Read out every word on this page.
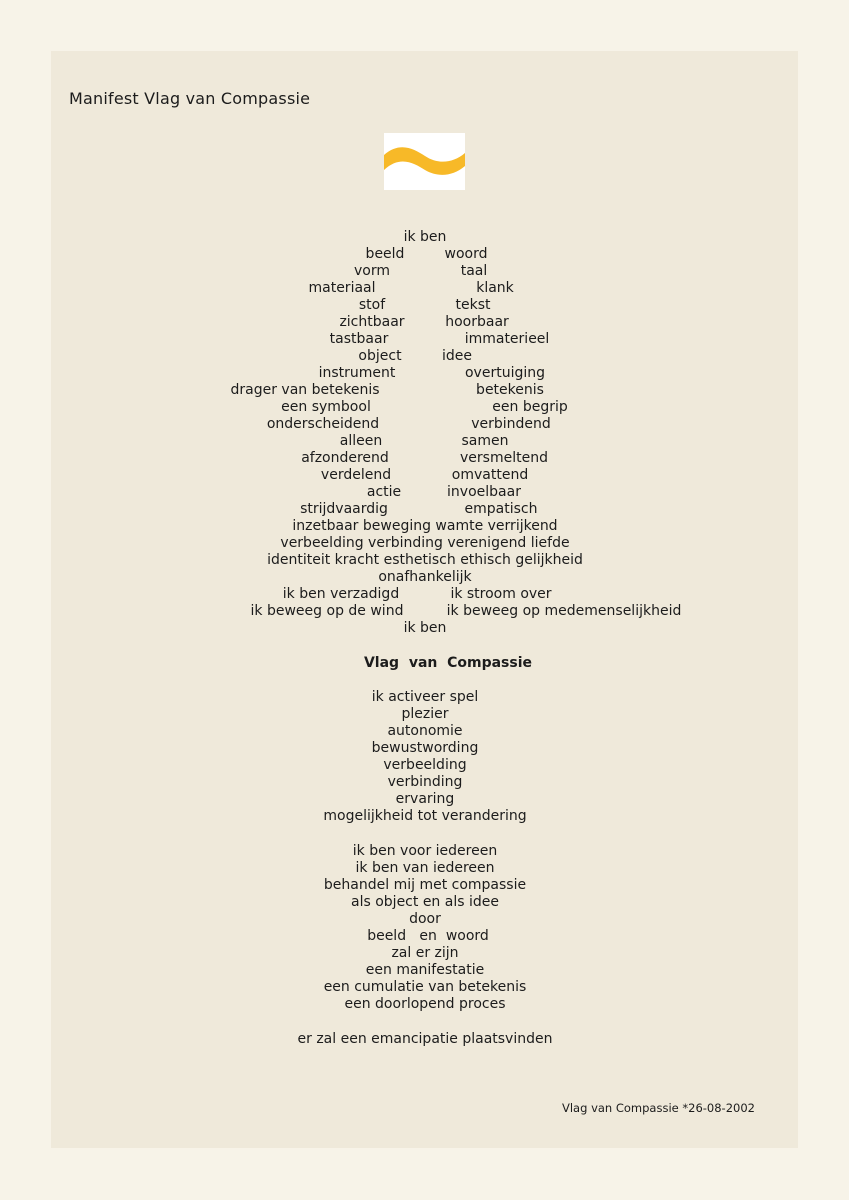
Manifest Vlag van Compassie
ik ben
beeld	woord
vorm	taal
materiaal	klank
stof	tekst
zichtbaar	hoorbaar
tastbaar	immaterieel
object	idee
instrument	overtuiging
drager van betekenis	betekenis
een symbool	een begrip
onderscheidend	verbindend
alleen	samen
afzonderend	versmeltend
verdelend	omvattend
actie	invoelbaar
strijdvaardig	empatisch
inzetbaar beweging wamte verrijkend
verbeelding verbinding verenigend liefde
identiteit kracht esthetisch ethisch gelijkheid
onafhankelijk
ik ben verzadigd	ik stroom over
ik beweeg op de wind	ik beweeg op medemenselijkheid
ik ben
Vlag  van  Compassie
ik activeer spel
plezier
autonomie
bewustwording
verbeelding
verbinding
ervaring
mogelijkheid tot verandering
ik ben voor iedereen
ik ben van iedereen
behandel mij met compassie
als object en als idee
door
beeld   en  woord
zal er zijn
een manifestatie
een cumulatie van betekenis
een doorlopend proces
er zal een emancipatie plaatsvinden
Vlag van Compassie *26-08-2002
